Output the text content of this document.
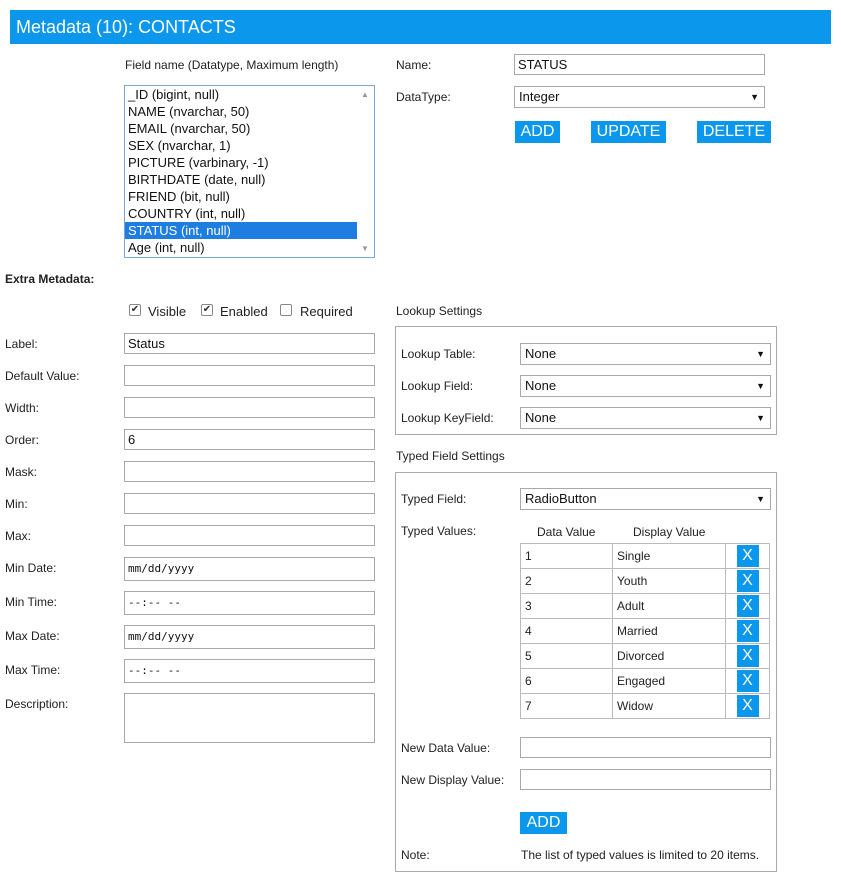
Metadata (10): CONTACTS
Field name (Datatype, Maximum length)
_ID (bigint, null)
NAME (nvarchar, 50)
EMAIL (nvarchar, 50)
SEX (nvarchar, 1)
PICTURE (varbinary, -1)
BIRTHDATE (date, null)
FRIEND (bit, null)
COUNTRY (int, null)
STATUS (int, null)
Age (int, null)
▲
▼
Name:	STATUS
DataType:	Integer	▼
ADD	UPDATE	DELETE
Extra Metadata:
✔ Visible ✔ Enabled Required
Label:	Status
Default Value:
Width:
Order:	6
Mask:
Min:
Max:
Min Date:	mm/dd/yyyy
Min Time:	--:-- --
Max Date:	mm/dd/yyyy
Max Time:	--:-- --
Description:
Lookup Settings
Lookup Table:	None	▼
Lookup Field:	None	▼
Lookup KeyField:	None	▼
Typed Field Settings
Typed Field:	RadioButton	▼
Typed Values:	Data Value	Display Value
1	Single	X
2	Youth	X
3	Adult	X
4	Married	X
5	Divorced	X
6	Engaged	X
7	Widow	X
New Data Value:
New Display Value:
ADD
Note:	The list of typed values is limited to 20 items.
